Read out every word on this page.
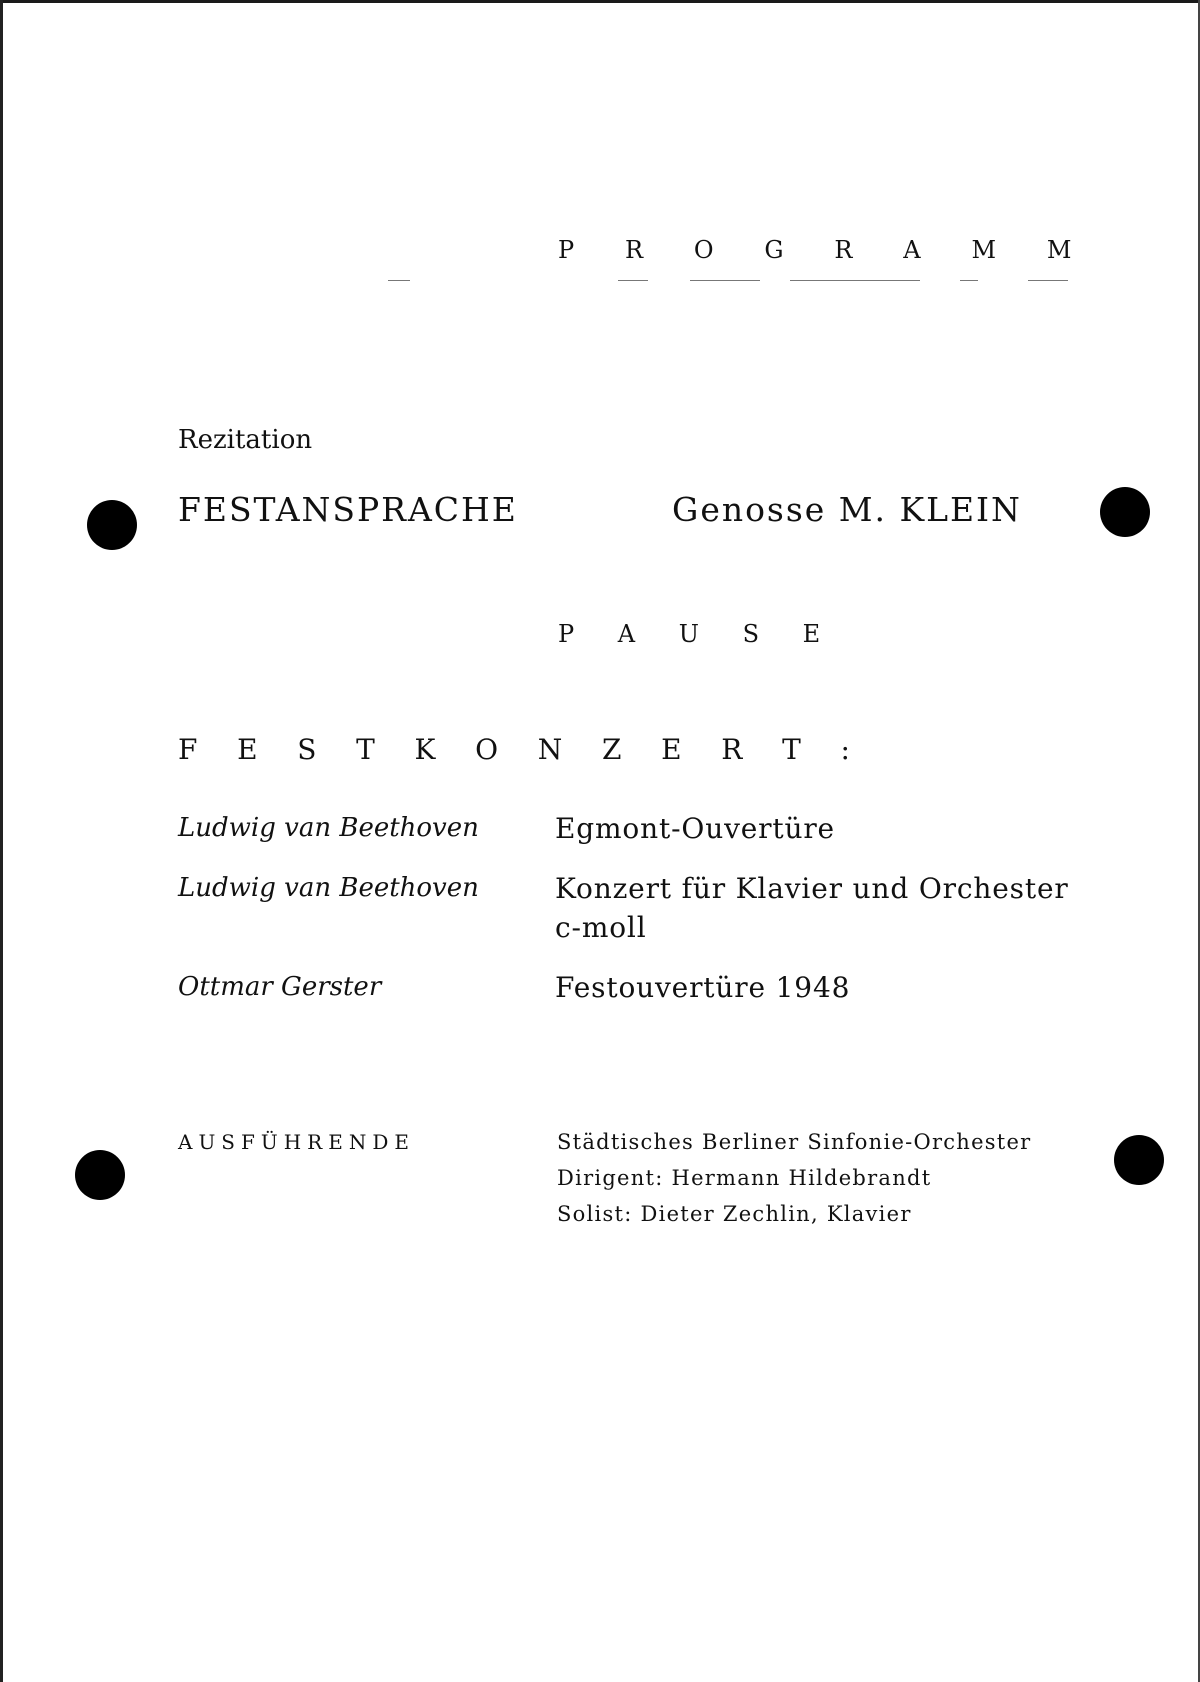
P R O G R A M M
Rezitation
FESTANSPRACHE	Genosse M. KLEIN
P A U S E
F E S T K O N Z E R T :
Ludwig van Beethoven	Egmont-Ouvertüre
Ludwig van Beethoven	Konzert für Klavier und Orchester
c-moll
Ottmar Gerster	Festouvertüre 1948
AUSFÜHRENDE	Städtisches Berliner Sinfonie-Orchester
Dirigent: Hermann Hildebrandt
Solist: Dieter Zechlin, Klavier
